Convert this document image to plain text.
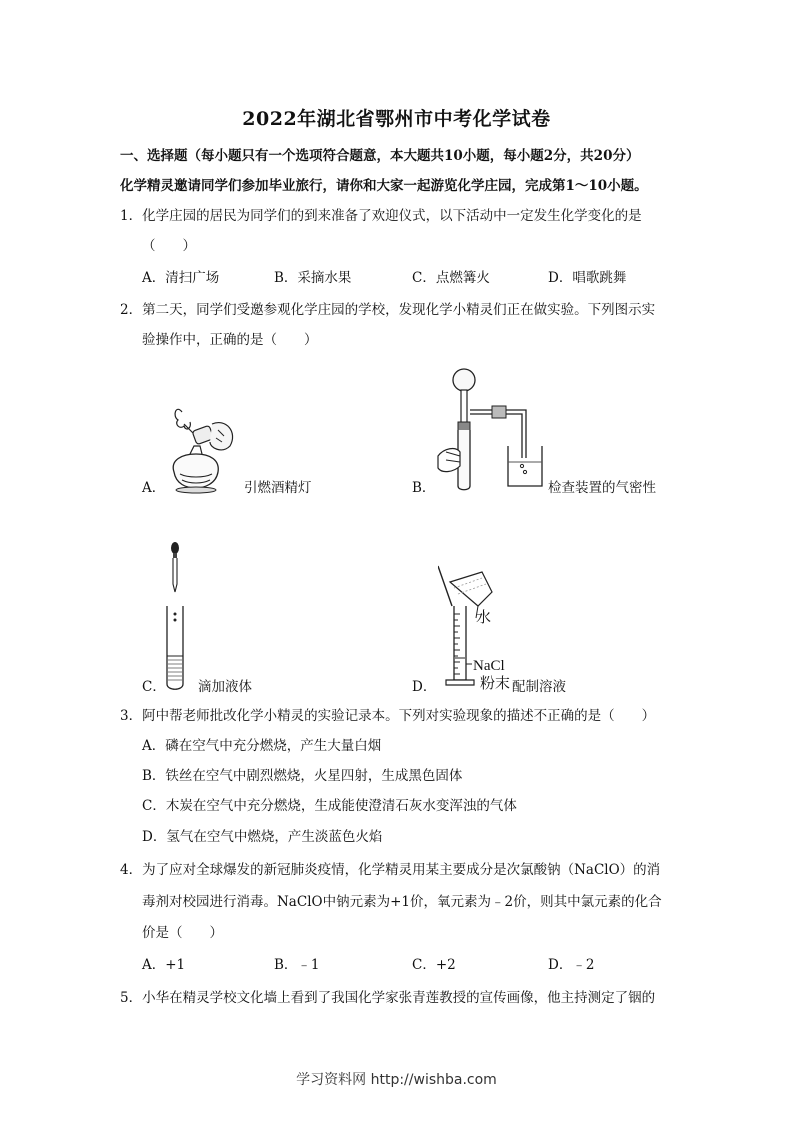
2022年湖北省鄂州市中考化学试卷
一、选择题（每小题只有一个选项符合题意，本大题共10小题，每小题2分，共20分）
化学精灵邀请同学们参加毕业旅行，请你和大家一起游览化学庄园，完成第1～10小题。
1．化学庄园的居民为同学们的到来准备了欢迎仪式，以下活动中一定发生化学变化的是
（　　）
A．清扫广场	B．采摘水果	C．点燃篝火	D．唱歌跳舞
2．第二天，同学们受邀参观化学庄园的学校，发现化学小精灵们正在做实验。下列图示实
验操作中，正确的是（　　）
A．	引燃酒精灯	B．	检查装置的气密性
C． 滴加液体
水
NaCl
粉末
D．	配制溶液
3．阿中帮老师批改化学小精灵的实验记录本。下列对实验现象的描述不正确的是（　　）
A．磷在空气中充分燃烧，产生大量白烟
B．铁丝在空气中剧烈燃烧，火星四射，生成黑色固体
C．木炭在空气中充分燃烧，生成能使澄清石灰水变浑浊的气体
D．氢气在空气中燃烧，产生淡蓝色火焰
4．为了应对全球爆发的新冠肺炎疫情，化学精灵用某主要成分是次氯酸钠（NaClO）的消
毒剂对校园进行消毒。NaClO中钠元素为+1价，氧元素为﹣2价，则其中氯元素的化合
价是（　　）
A．+1	B．﹣1	C．+2	D．﹣2
5．小华在精灵学校文化墙上看到了我国化学家张青莲教授的宣传画像，他主持测定了铟的
学习资料网 http://wishba.com
